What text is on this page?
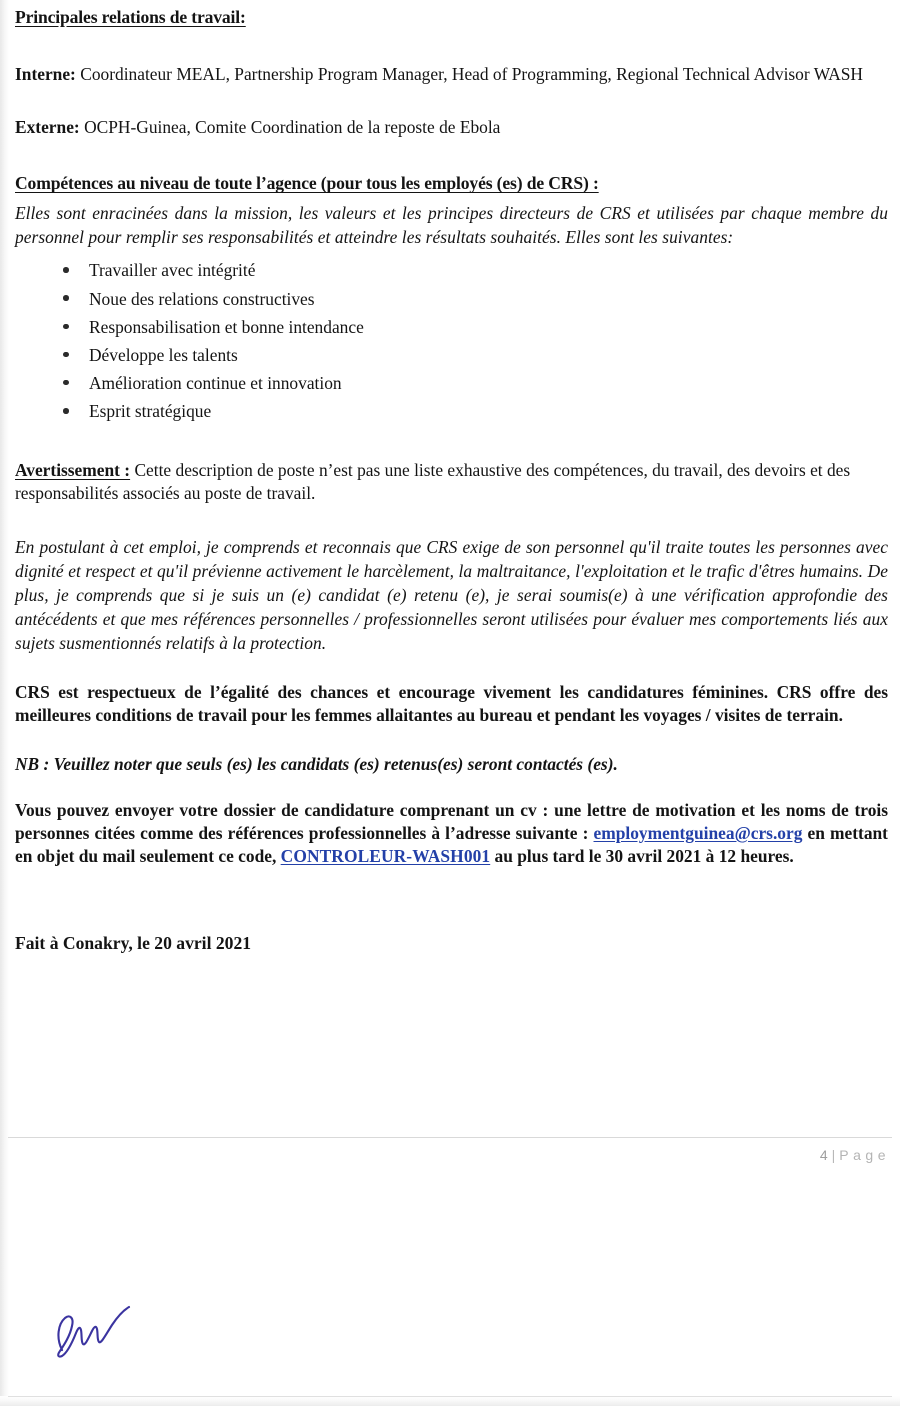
Principales relations de travail:

Interne: Coordinateur MEAL, Partnership Program Manager, Head of Programming, Regional Technical Advisor WASH

Externe: OCPH-Guinea, Comite Coordination de la reposte de Ebola

Compétences au niveau de toute l’agence (pour tous les employés (es) de CRS) :

Elles sont enracinées dans la mission, les valeurs et les principes directeurs de CRS et utilisées par chaque membre du personnel pour remplir ses responsabilités et atteindre les résultats souhaités. Elles sont les suivantes:

Travailler avec intégrité
Noue des relations constructives
Responsabilisation et bonne intendance
Développe les talents
Amélioration continue et innovation
Esprit stratégique

Avertissement : Cette description de poste n’est pas une liste exhaustive des compétences, du travail, des devoirs et des responsabilités associés au poste de travail.

En postulant à cet emploi, je comprends et reconnais que CRS exige de son personnel qu'il traite toutes les personnes avec dignité et respect et qu'il prévienne activement le harcèlement, la maltraitance, l'exploitation et le trafic d'êtres humains. De plus, je comprends que si je suis un (e) candidat (e) retenu (e), je serai soumis(e) à une vérification approfondie des antécédents et que mes références personnelles / professionnelles seront utilisées pour évaluer mes comportements liés aux sujets susmentionnés relatifs à la protection.

CRS est respectueux de l’égalité des chances et encourage vivement les candidatures féminines. CRS offre des meilleures conditions de travail pour les femmes allaitantes au bureau et pendant les voyages / visites de terrain.

NB : Veuillez noter que seuls (es) les candidats (es) retenus(es) seront contactés (es).

Vous pouvez envoyer votre dossier de candidature comprenant un cv : une lettre de motivation et les noms de trois personnes citées comme des références professionnelles à l’adresse suivante : employmentguinea@crs.org en mettant en objet du mail seulement ce code, CONTROLEUR-WASH001 au plus tard le 30 avril 2021 à 12 heures.

Fait à Conakry, le 20 avril 2021

4 | Page
